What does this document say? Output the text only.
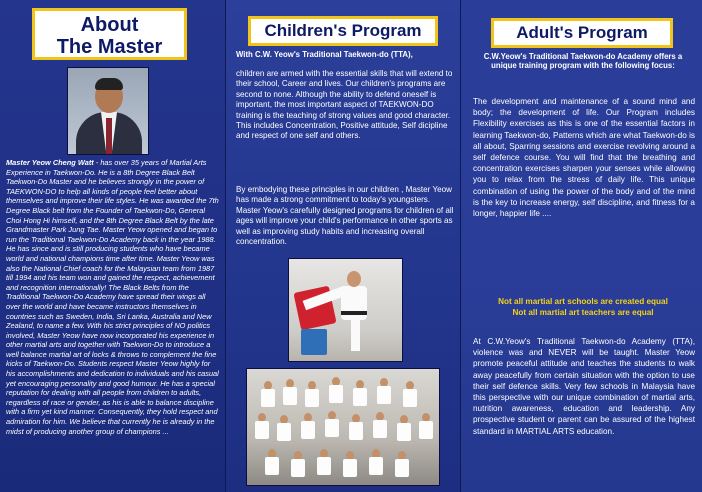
About
The Master
Master Yeow Cheng Watt - has over 35 years of Martial Arts Experience in Taekwon-Do. He is a 8th Degree Black Belt Taekwon-Do Master and he believes strongly in the power of TAEKWON-DO to help all kinds of people feel better about themselves and improve their life styles. He was awarded the 7th Degree Black belt from the Founder of Taekwon-Do, General Choi Hong Hi himself, and the 8th Degree Black Belt by the late Grandmaster Park Jung Tae. Master Yeow opened and began to run the Traditional Taekwon-Do Academy back in the year 1988. He has since and is still producing students who have became world and national champions time after time. Master Yeow was also the National Chief coach for the Malaysian team from 1987 till 1994 and his team won and gained the respect, achievement and recognition internationally! The Black Belts from the Traditional Taekwon-Do Academy have spread their wings all over the world and have became instructors themselves in countries such as Sweden, India, Sri Lanka, Australia and New Zealand, to name a few. With his strict principles of NO politics involved, Master Yeow have now incorporated his experience in other martial arts and together with Taekwon-Do to introduce a well balance martial art of locks & throws to complement the fine kicks of Taekwon-Do. Students respect Master Yeow highly for his accomplishments and dedication to individuals and his casual yet encouraging personality and good humour. He has a special reputation for dealing with all people from children to adults, regardless of race or gender, as his is able to balance discipline with a firm yet kind manner. Consequently, they hold respect and admiration for him. We believe that currently he is already in the midst of producing another group of champions ...
Children's Program
With C.W. Yeow's Traditional Taekwon-do (TTA),
children are armed with the essential skills that will extend to their school, Career and lives. Our children's programs are second to none. Although the ability to defend oneself is important, the most important aspect of TAEKWON-DO training is the teaching of strong values and good character. This includes Concentration, Positive attitude, Self dicipline and respect of one self and others.
By embodying these principles in our children , Master Yeow has made a strong commitment to today's youngsters. Master Yeow's carefully designed programs for children of all ages will improve your child's performance in other sports as well as improving study habits and increasing overall concentration.
Adult's Program
C.W.Yeow's Traditional Taekwon-do Academy offers a unique training program with the following focus:
The development and maintenance of a sound mind and body; the development of life. Our Program includes Flexibility exercises as this is one of the essential factors in learning Taekwon-do, Patterns which are what Taekwon-do is all about, Sparring sessions and exercise revolving around a self defence course. You will find that the breathing and concentration exercises sharpen your senses while allowing you to relax from the stress of daily life. This unique combination of using the power of the body and of the mind is the key to increase energy, self discipline, and fitness for a longer, happier life ....
Not all martial art schools are created equal
Not all martial art teachers are equal
At C.W.Yeow's Traditional Taekwon-do Academy (TTA), violence was and NEVER will be taught. Master Yeow promote peaceful attitude and teaches the students to walk away peacefully from certain situation with the option to use their self defence skills. Very few schools in Malaysia have this perspective with our unique combination of martial arts, nutrition awareness, education and leadership. Any prospective student or parent can be assured of the highest standard in MARTIAL ARTS education.
